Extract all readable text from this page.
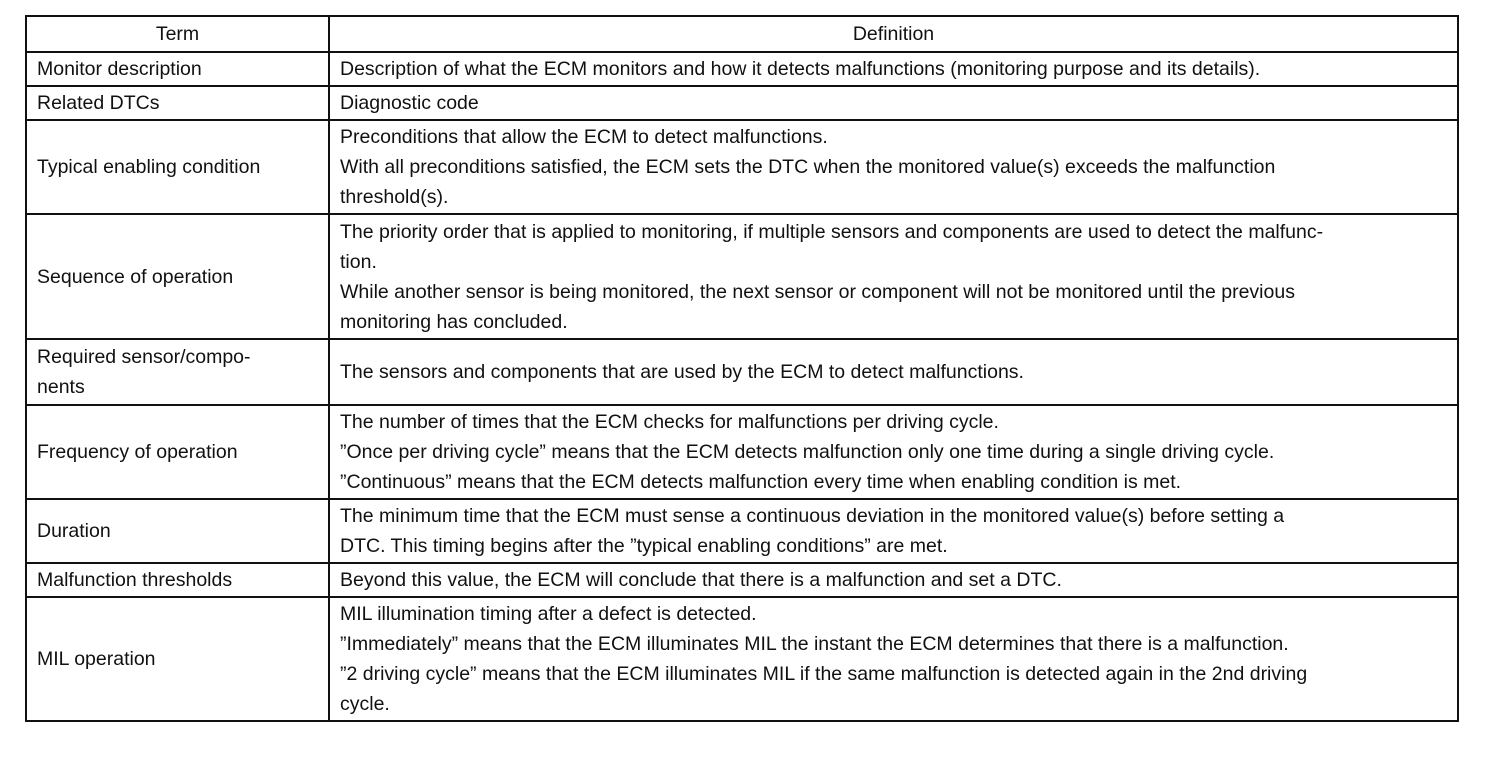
Term	Definition

Monitor description	Description of what the ECM monitors and how it detects malfunctions (monitoring purpose and its details).

Related DTCs	Diagnostic code

Typical enabling condition	Preconditions that allow the ECM to detect malfunctions.
With all preconditions satisfied, the ECM sets the DTC when the monitored value(s) exceeds the malfunction
threshold(s).

Sequence of operation	The priority order that is applied to monitoring, if multiple sensors and components are used to detect the malfunc-
tion.
While another sensor is being monitored, the next sensor or component will not be monitored until the previous
monitoring has concluded.

Required sensor/compo-
nents	The sensors and components that are used by the ECM to detect malfunctions.

Frequency of operation	The number of times that the ECM checks for malfunctions per driving cycle.
”Once per driving cycle” means that the ECM detects malfunction only one time during a single driving cycle.
”Continuous” means that the ECM detects malfunction every time when enabling condition is met.

Duration	The minimum time that the ECM must sense a continuous deviation in the monitored value(s) before setting a
DTC. This timing begins after the ”typical enabling conditions” are met.

Malfunction thresholds	Beyond this value, the ECM will conclude that there is a malfunction and set a DTC.

MIL operation	MIL illumination timing after a defect is detected.
”Immediately” means that the ECM illuminates MIL the instant the ECM determines that there is a malfunction.
”2 driving cycle” means that the ECM illuminates MIL if the same malfunction is detected again in the 2nd driving
cycle.
